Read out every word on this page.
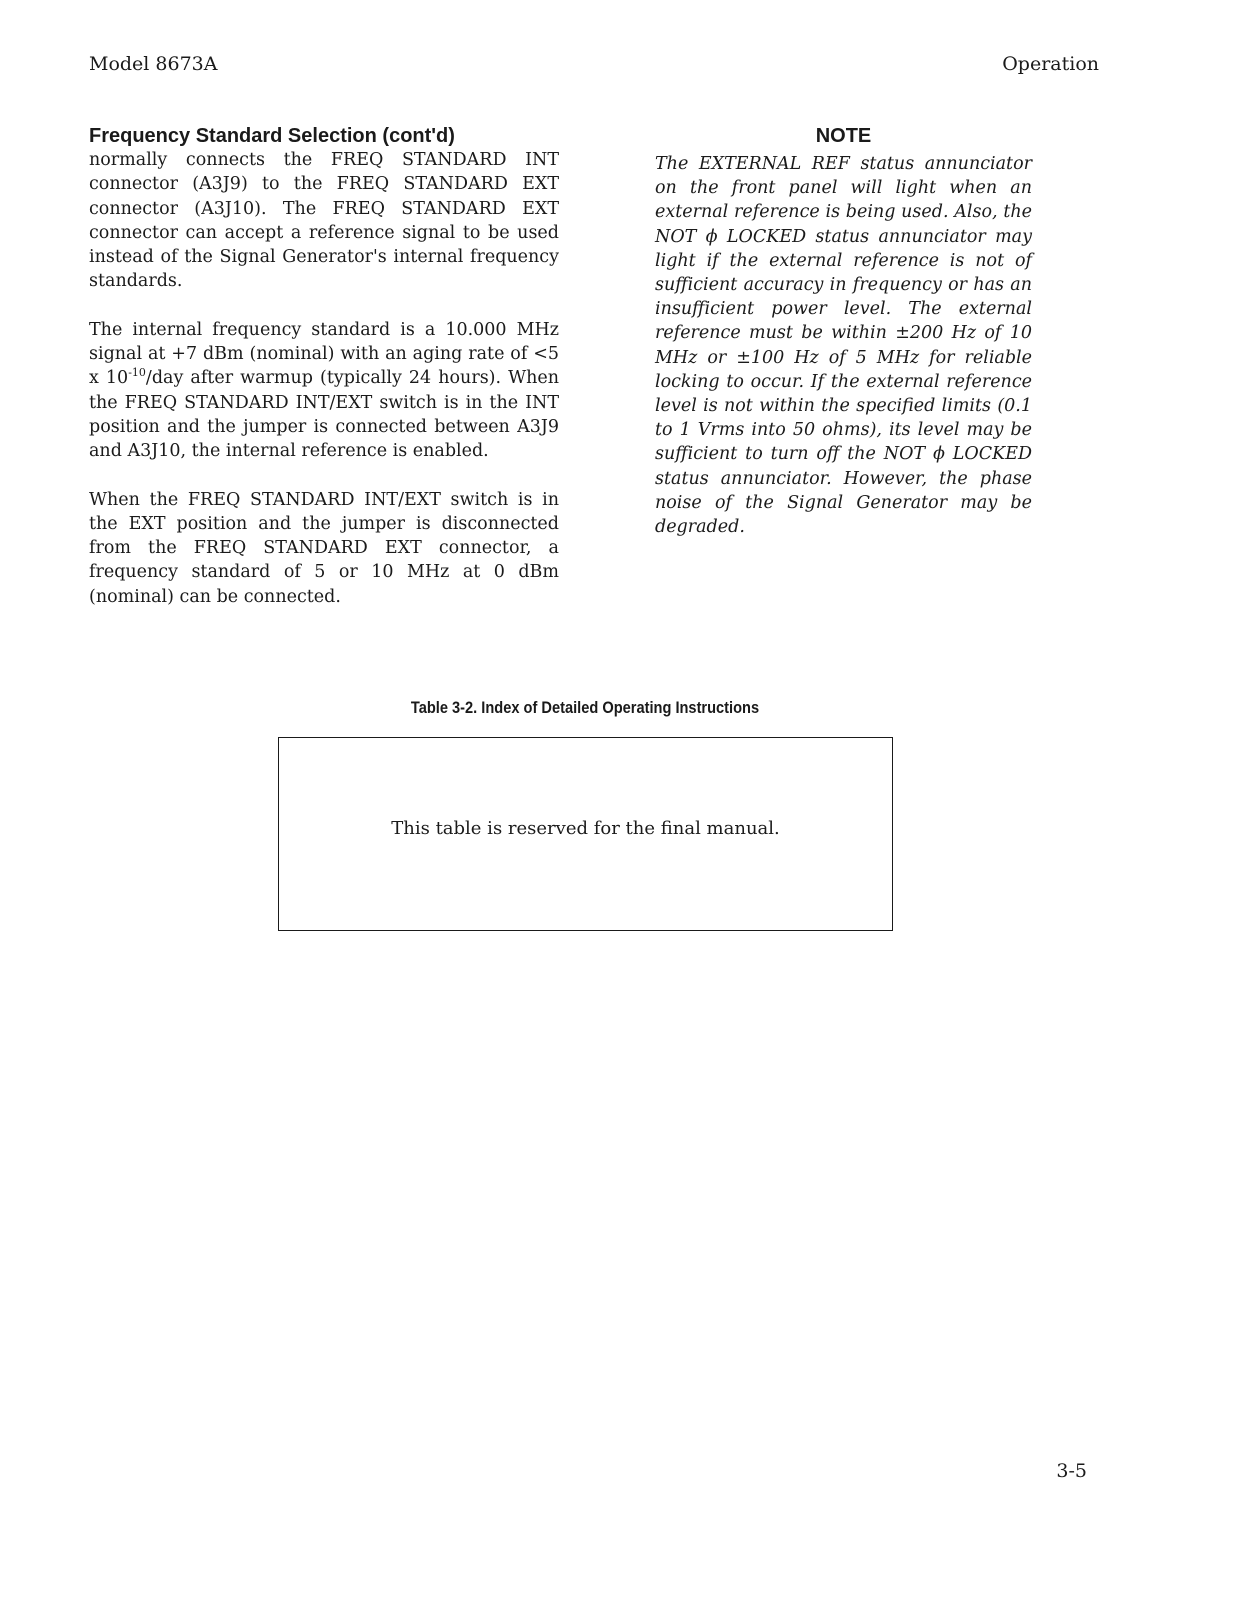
Model 8673A	Operation
Frequency Standard Selection (cont'd)

normally connects the FREQ STANDARD INT connector (A3J9) to the FREQ STANDARD EXT connector (A3J10). The FREQ STANDARD EXT connector can accept a reference signal to be used instead of the Signal Generator's internal frequency standards.

The internal frequency standard is a 10.000 MHz signal at +7 dBm (nominal) with an aging rate of <5 x $10^{-10}$/day after warmup (typically 24 hours). When the FREQ STANDARD INT/EXT switch is in the INT position and the jumper is connected between A3J9 and A3J10, the internal reference is enabled.

When the FREQ STANDARD INT/EXT switch is in the EXT position and the jumper is disconnected from the FREQ STANDARD EXT connector, a frequency standard of 5 or 10 MHz at 0 dBm (nominal) can be connected.

NOTE

The EXTERNAL REF status annunciator on the front panel will light when an external reference is being used. Also, the NOT ϕ LOCKED status annunciator may light if the external reference is not of sufficient accuracy in frequency or has an insufficient power level. The external reference must be within ±200 Hz of 10 MHz or ±100 Hz of 5 MHz for reliable locking to occur. If the external reference level is not within the specified limits (0.1 to 1 Vrms into 50 ohms), its level may be sufficient to turn off the NOT ϕ LOCKED status annunciator. However, the phase noise of the Signal Generator may be degraded.

Table 3-2. Index of Detailed Operating Instructions
This table is reserved for the final manual.
3-5
